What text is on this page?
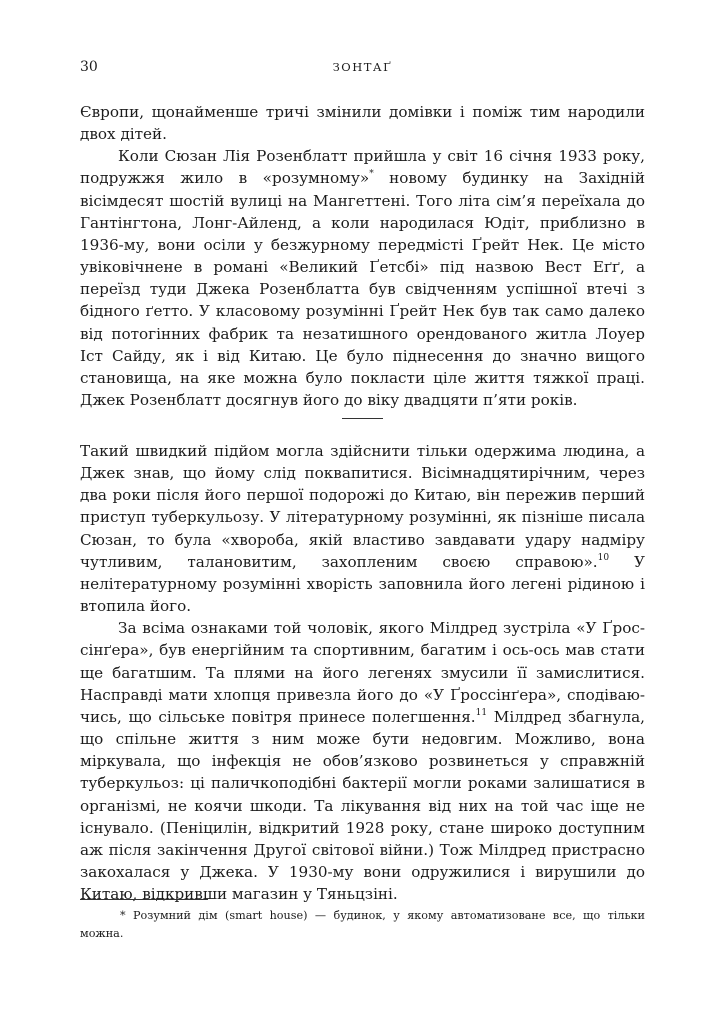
30	ЗОНТАҐ

Європи, щонайменше тричі змінили домівки і поміж тим народили двох дітей.

Коли Сюзан Лія Розенблатт прийшла у світ 16 січня 1933 року, подружжя жило в «розумному»* новому будинку на Західній вісімдесят шостій вулиці на Мангеттені. Того літа сім’я переїхала до Гантінгтона, Лонг-Айленд, а коли народилася Юдіт, приблизно в 1936-му, вони осіли у безжурному передмісті Ґрейт Нек. Це місто увіковічнене в романі «Великий Ґетсбі» під назвою Вест Еґґ, а переїзд туди Джека Розенблатта був свідченням успішної втечі з бідного ґетто. У класовому розумінні Ґрейт Нек був так само далеко від потогінних фабрик та незатишного орендованого житла Лоуер Іст Сайду, як і від Китаю. Це було піднесення до значно вищого становища, на яке можна було покласти ціле життя тяжкої праці. Джек Розенблатт досягнув його до віку двадцяти п’яти років.

Такий швидкий підйом могла здійснити тільки одержима людина, а Джек знав, що йому слід поквапитися. Вісімнадцятирічним, через два роки після його першої подорожі до Китаю, він пережив перший приступ туберкульозу. У літературному розумінні, як пізніше писала Сюзан, то була «хвороба, якій властиво завдавати удару надміру чутливим, талановитим, захопленим своєю справою».$^{10}$ У нелітературному розумінні хворість заповнила його легені рідиною і втопила його.

За всіма ознаками той чоловік, якого Мілдред зустріла «У Ґроссінґера», був енергійним та спортивним, багатим і ось-ось мав стати ще багатшим. Та плями на його легенях змусили її замислитися. Насправді мати хлопця привезла його до «У Ґроссінґера», сподіваючись, що сільське повітря принесе полегшення.$^{11}$ Мілдред збагнула, що спільне життя з ним може бути недовгим. Можливо, вона міркувала, що інфекція не обов’язково розвинеться у справжній туберкульоз: ці паличкоподібні бактерії могли роками залишатися в організмі, не коячи шкоди. Та лікування від них на той час іще не існувало. (Пеніцилін, відкритий 1928 року, стане широко доступним аж після закінчення Другої світової війни.) Тож Мілдред пристрасно закохалася у Джека. У 1930-му вони одружилися і вирушили до Китаю, відкривши магазин у Тяньцзіні.

* Розумний дім (smart house) — будинок, у якому автоматизоване все, що тільки можна.
